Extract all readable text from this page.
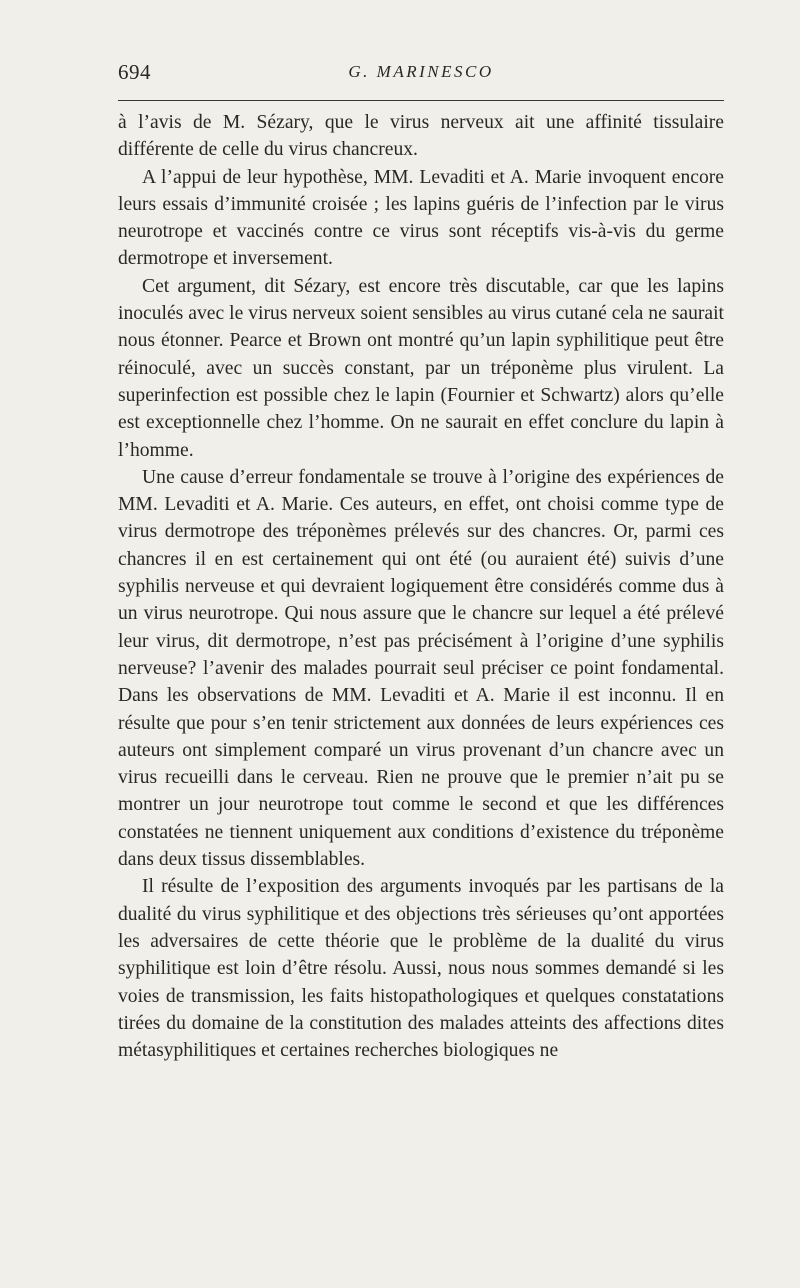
694	G. MARINESCO

à l’avis de M. Sézary, que le virus nerveux ait une affinité tissulaire différente de celle du virus chancreux.

A l’appui de leur hypothèse, MM. Levaditi et A. Marie invoquent encore leurs essais d’immunité croisée ; les lapins guéris de l’infection par le virus neurotrope et vaccinés contre ce virus sont réceptifs vis-à-vis du germe dermotrope et inversement.

Cet argument, dit Sézary, est encore très discutable, car que les lapins inoculés avec le virus nerveux soient sensibles au virus cutané cela ne saurait nous étonner. Pearce et Brown ont montré qu’un lapin syphilitique peut être réinoculé, avec un succès constant, par un tréponème plus virulent. La superinfection est possible chez le lapin (Fournier et Schwartz) alors qu’elle est exceptionnelle chez l’homme. On ne saurait en effet conclure du lapin à l’homme.

Une cause d’erreur fondamentale se trouve à l’origine des expériences de MM. Levaditi et A. Marie. Ces auteurs, en effet, ont choisi comme type de virus dermotrope des tréponèmes prélevés sur des chancres. Or, parmi ces chancres il en est certainement qui ont été (ou auraient été) suivis d’une syphilis nerveuse et qui devraient logiquement être considérés comme dus à un virus neurotrope. Qui nous assure que le chancre sur lequel a été prélevé leur virus, dit dermotrope, n’est pas précisément à l’origine d’une syphilis nerveuse? l’avenir des malades pourrait seul préciser ce point fondamental. Dans les observations de MM. Levaditi et A. Marie il est inconnu. Il en résulte que pour s’en tenir strictement aux données de leurs expériences ces auteurs ont simplement comparé un virus provenant d’un chancre avec un virus recueilli dans le cerveau. Rien ne prouve que le premier n’ait pu se montrer un jour neurotrope tout comme le second et que les différences constatées ne tiennent uniquement aux conditions d’existence du tréponème dans deux tissus dissemblables.

Il résulte de l’exposition des arguments invoqués par les partisans de la dualité du virus syphilitique et des objections très sérieuses qu’ont apportées les adversaires de cette théorie que le problème de la dualité du virus syphilitique est loin d’être résolu. Aussi, nous nous sommes demandé si les voies de transmission, les faits histopathologiques et quelques constatations tirées du domaine de la constitution des malades atteints des affections dites métasyphilitiques et certaines recherches biologiques ne
